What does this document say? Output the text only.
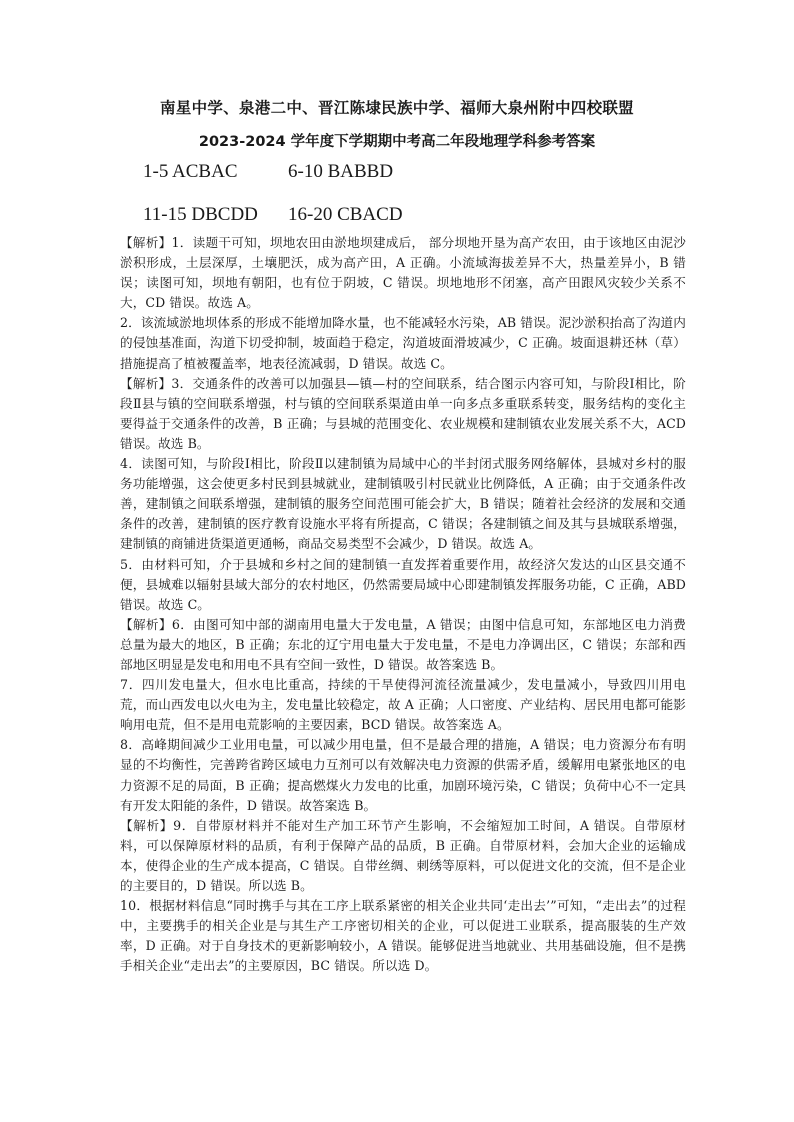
南星中学、泉港二中、晋江陈埭民族中学、福师大泉州附中四校联盟
2023-2024 学年度下学期期中考高二年段地理学科参考答案
1-5 ACBAC	6-10 BABBD
11-15 DBCDD 16-20 CBACD

【解析】1．读题干可知，坝地农田由淤地坝建成后， 部分坝地开垦为高产农田，由于该地区由泥沙淤积形成，土层深厚，土壤肥沃，成为高产田，A 正确。小流域海拔差异不大，热量差异小，B 错误；读图可知，坝地有朝阳，也有位于阴坡，C 错误。坝地地形不闭塞，高产田跟风灾较少关系不大，CD 错误。故选 A。

2．该流域淤地坝体系的形成不能增加降水量，也不能减轻水污染，AB 错误。泥沙淤积抬高了沟道内的侵蚀基准面，沟道下切受抑制，坡面趋于稳定，沟道坡面滑坡减少，C 正确。坡面退耕还林（草）措施提高了植被覆盖率，地表径流减弱，D 错误。故选 C。

【解析】3．交通条件的改善可以加强县—镇—村的空间联系，结合图示内容可知，与阶段Ⅰ相比，阶段Ⅱ县与镇的空间联系增强，村与镇的空间联系渠道由单一向多点多重联系转变，服务结构的变化主要得益于交通条件的改善，B 正确；与县城的范围变化、农业规模和建制镇农业发展关系不大，ACD 错误。故选 B。

4．读图可知，与阶段Ⅰ相比，阶段Ⅱ以建制镇为局域中心的半封闭式服务网络解体，县城对乡村的服务功能增强，这会使更多村民到县城就业，建制镇吸引村民就业比例降低，A 正确；由于交通条件改善，建制镇之间联系增强，建制镇的服务空间范围可能会扩大，B 错误；随着社会经济的发展和交通条件的改善，建制镇的医疗教育设施水平将有所提高，C 错误；各建制镇之间及其与县城联系增强，建制镇的商铺进货渠道更通畅，商品交易类型不会减少，D 错误。故选 A。

5．由材料可知，介于县城和乡村之间的建制镇一直发挥着重要作用，故经济欠发达的山区县交通不便，县城难以辐射县域大部分的农村地区，仍然需要局域中心即建制镇发挥服务功能，C 正确，ABD 错误。故选 C。

【解析】6．由图可知中部的湖南用电量大于发电量，A 错误；由图中信息可知，东部地区电力消费总量为最大的地区，B 正确；东北的辽宁用电量大于发电量，不是电力净调出区，C 错误；东部和西部地区明显是发电和用电不具有空间一致性，D 错误。故答案选 B。

7．四川发电量大，但水电比重高，持续的干旱使得河流径流量减少，发电量减小，导致四川用电荒，而山西发电以火电为主，发电量比较稳定，故 A 正确；人口密度、产业结构、居民用电都可能影响用电荒，但不是用电荒影响的主要因素，BCD 错误。故答案选 A。

8．高峰期间减少工业用电量，可以减少用电量，但不是最合理的措施，A 错误；电力资源分布有明显的不均衡性，完善跨省跨区域电力互剂可以有效解决电力资源的供需矛盾，缓解用电紧张地区的电力资源不足的局面，B 正确；提高燃煤火力发电的比重，加剧环境污染，C 错误；负荷中心不一定具有开发太阳能的条件，D 错误。故答案选 B。

【解析】9．自带原材料并不能对生产加工环节产生影响，不会缩短加工时间，A 错误。自带原材料，可以保障原材料的品质，有利于保障产品的品质，B 正确。自带原材料，会加大企业的运输成本，使得企业的生产成本提高，C 错误。自带丝绸、刺绣等原料，可以促进文化的交流，但不是企业的主要目的，D 错误。所以选 B。

10．根据材料信息“同时携手与其在工序上联系紧密的相关企业共同‘走出去’”可知，“走出去”的过程中，主要携手的相关企业是与其生产工序密切相关的企业，可以促进工业联系，提高服装的生产效率，D 正确。对于自身技术的更新影响较小，A 错误。能够促进当地就业、共用基础设施，但不是携手相关企业“走出去”的主要原因，BC 错误。所以选 D。
